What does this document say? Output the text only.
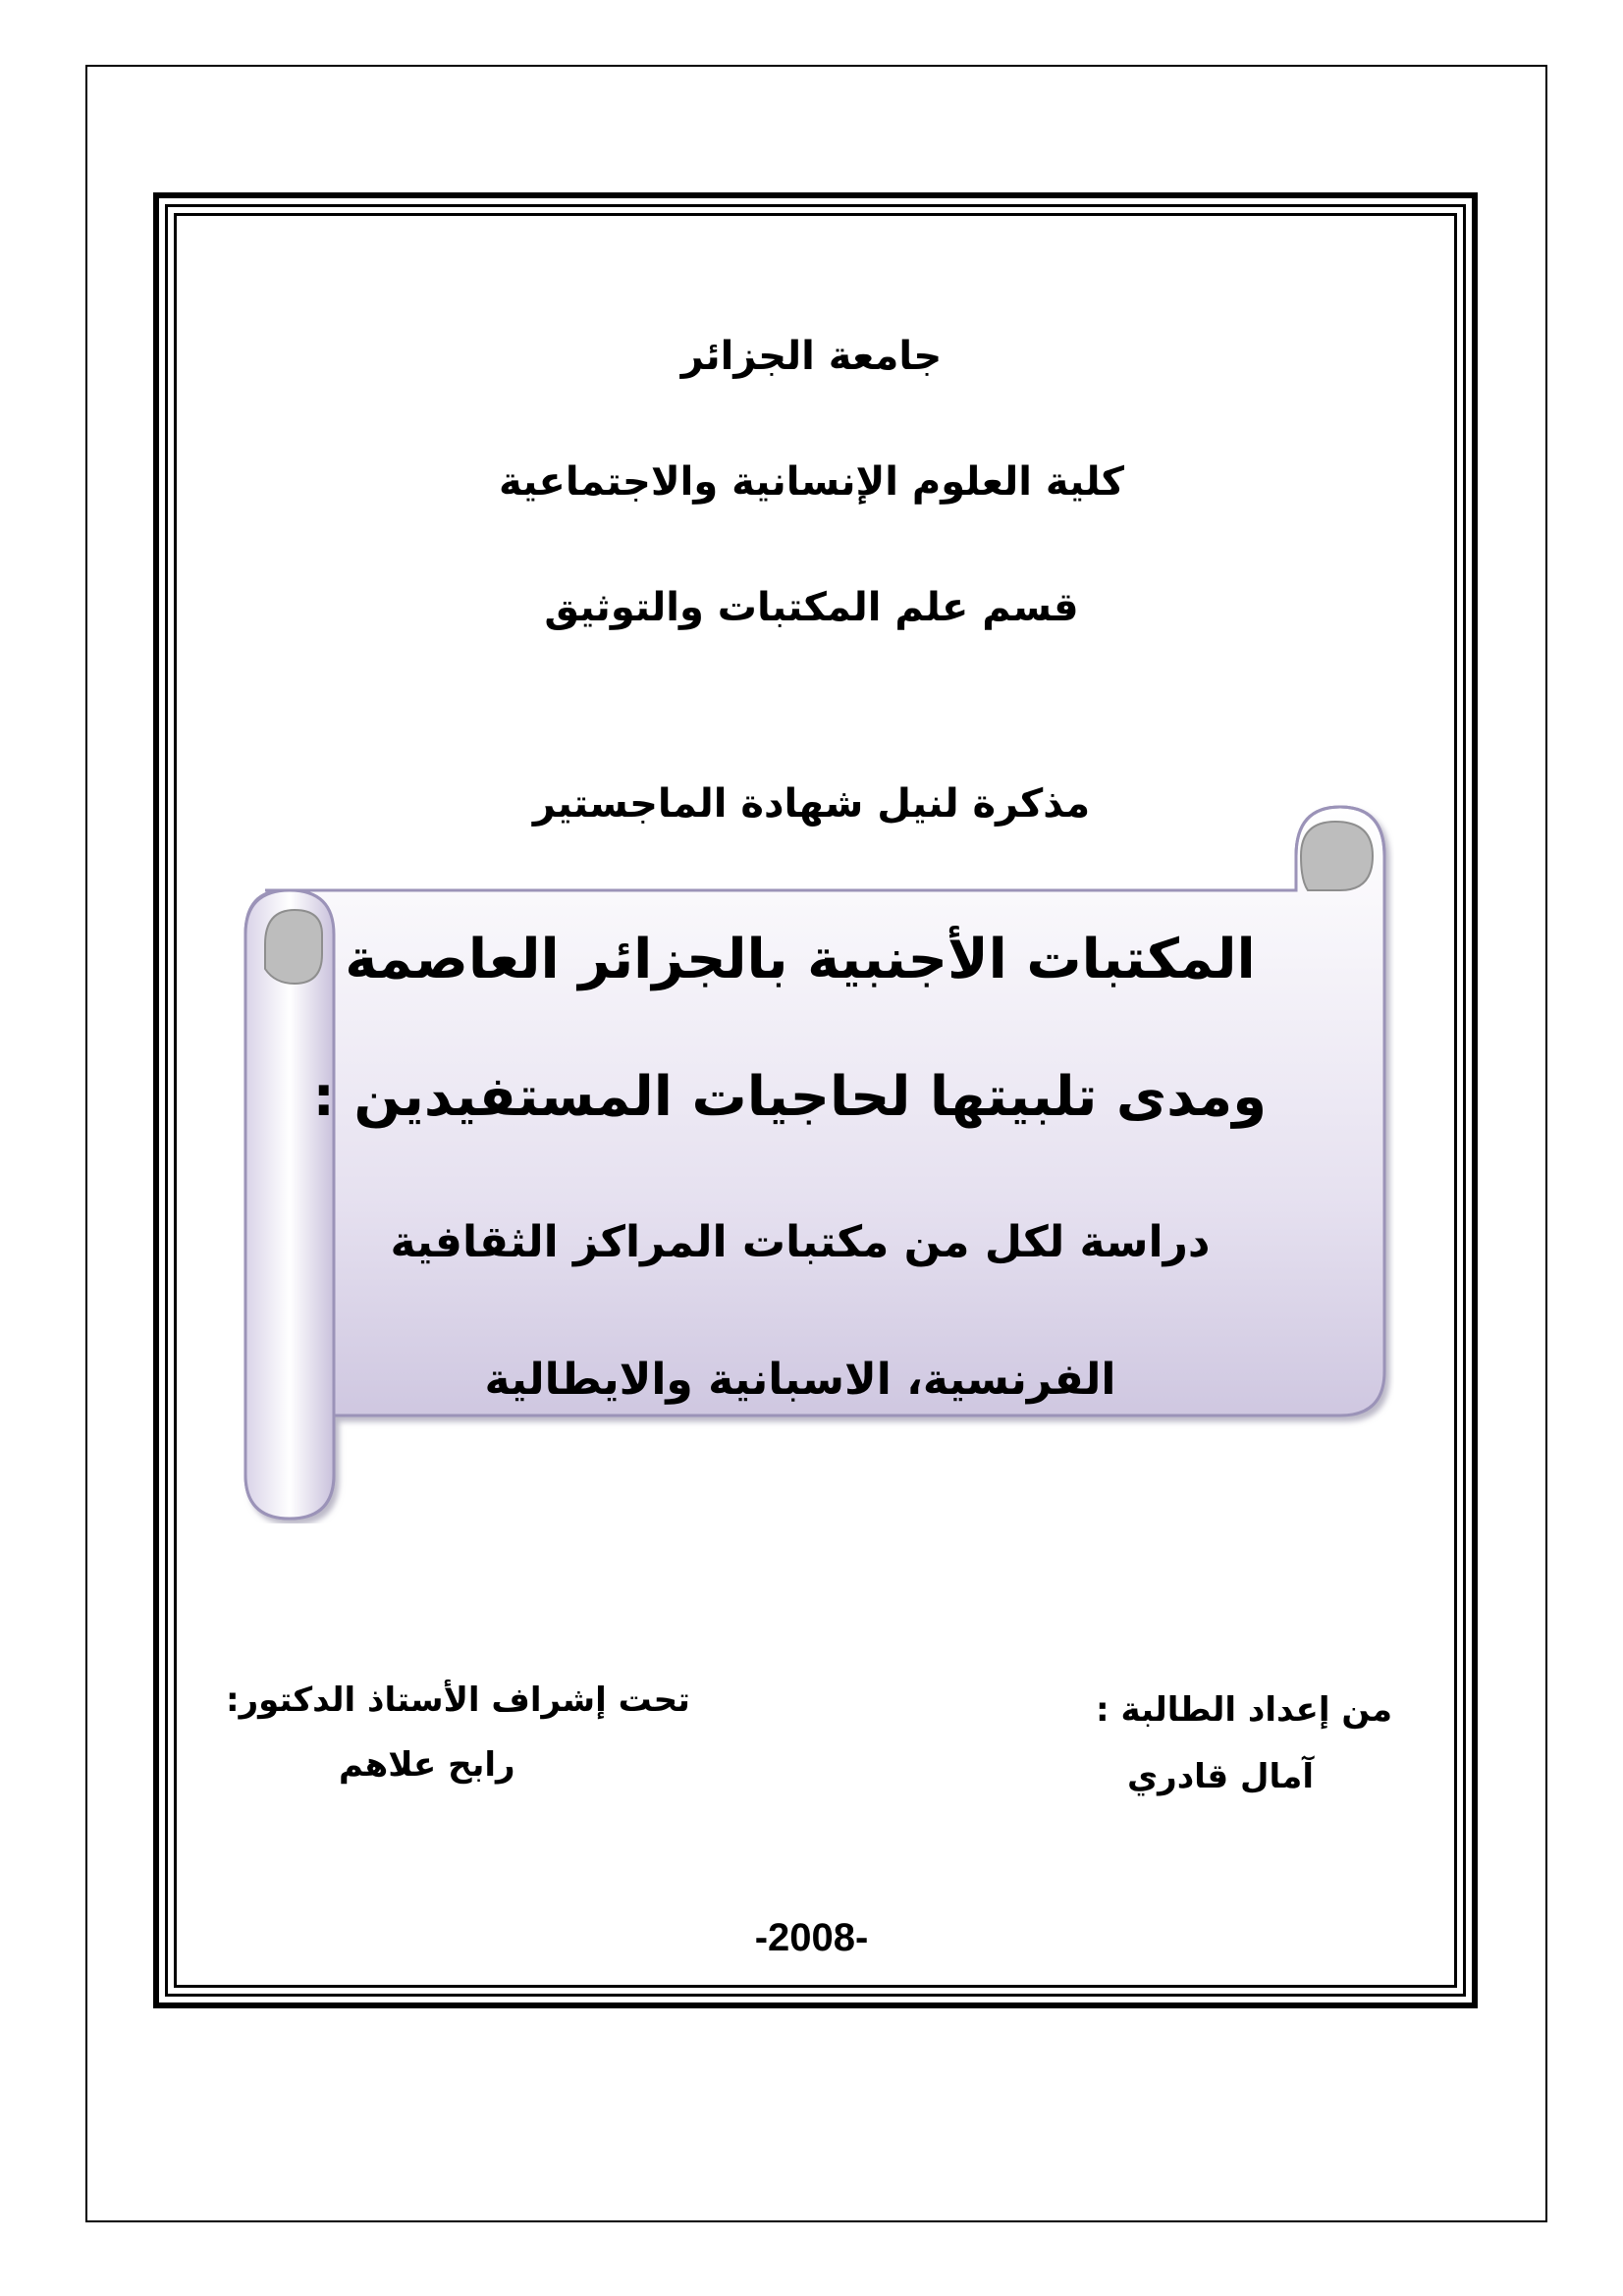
جامعة الجزائر
كلية العلوم الإنسانية والاجتماعية
قسم علم المكتبات والتوثيق
مذكرة لنيل شهادة الماجستير
المكتبات الأجنبية بالجزائر العاصمة
ومدى تلبيتها لحاجيات المستفيدين :
دراسة لكل من مكتبات المراكز الثقافية
الفرنسية، الاسبانية والايطالية
من إعداد الطالبة :
آمال قادري
تحت إشراف الأستاذ الدكتور:
رابح علاهم
-2008-
